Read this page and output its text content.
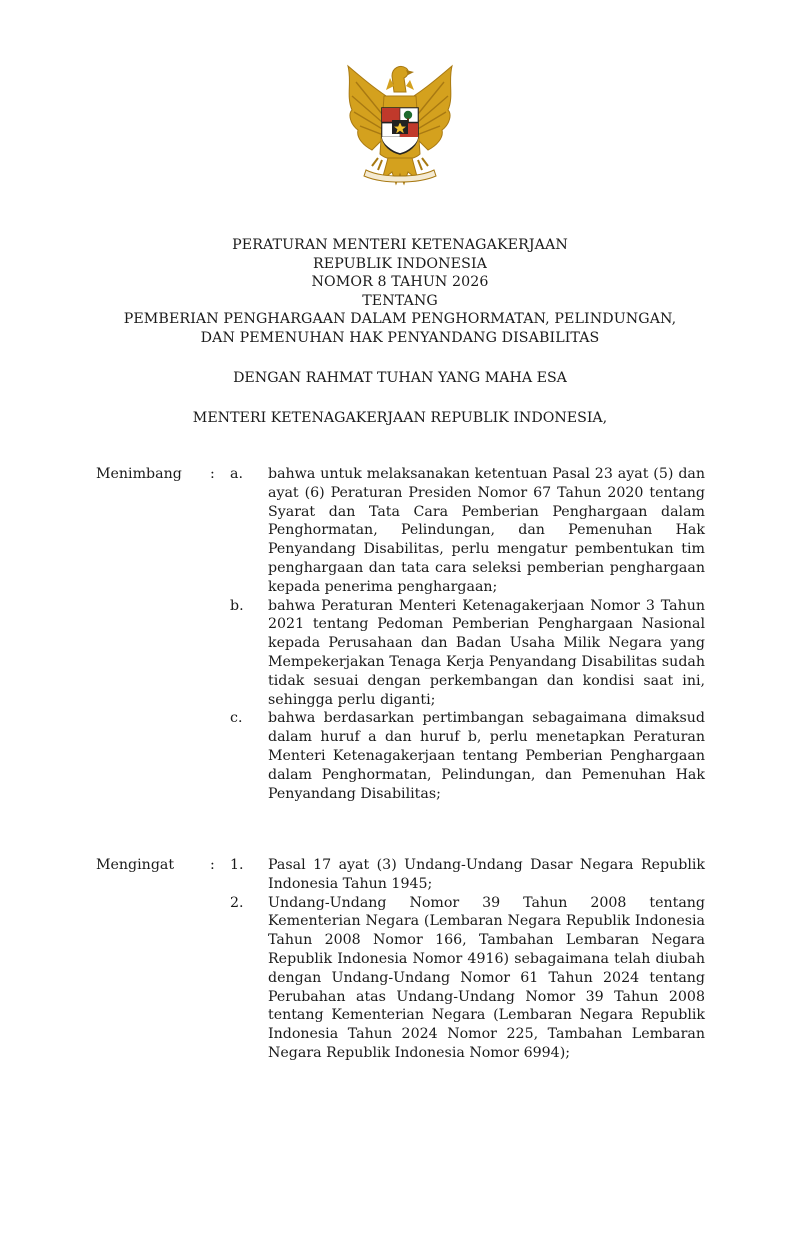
PERATURAN MENTERI KETENAGAKERJAAN
REPUBLIK INDONESIA
NOMOR 8 TAHUN 2026
TENTANG
PEMBERIAN PENGHARGAAN DALAM PENGHORMATAN, PELINDUNGAN,
DAN PEMENUHAN HAK PENYANDANG DISABILITAS
DENGAN RAHMAT TUHAN YANG MAHA ESA
MENTERI KETENAGAKERJAAN REPUBLIK INDONESIA,
Menimbang : a. bahwa untuk melaksanakan ketentuan Pasal 23 ayat (5) dan ayat (6) Peraturan Presiden Nomor 67 Tahun 2020 tentang Syarat dan Tata Cara Pemberian Penghargaan dalam Penghormatan, Pelindungan, dan Pemenuhan Hak Penyandang Disabilitas, perlu mengatur pembentukan tim penghargaan dan tata cara seleksi pemberian penghargaan kepada penerima penghargaan;
b. bahwa Peraturan Menteri Ketenagakerjaan Nomor 3 Tahun 2021 tentang Pedoman Pemberian Penghargaan Nasional kepada Perusahaan dan Badan Usaha Milik Negara yang Mempekerjakan Tenaga Kerja Penyandang Disabilitas sudah tidak sesuai dengan perkembangan dan kondisi saat ini, sehingga perlu diganti;
c. bahwa berdasarkan pertimbangan sebagaimana dimaksud dalam huruf a dan huruf b, perlu menetapkan Peraturan Menteri Ketenagakerjaan tentang Pemberian Penghargaan dalam Penghormatan, Pelindungan, dan Pemenuhan Hak Penyandang Disabilitas;
Mengingat	: 1. Pasal 17 ayat (3) Undang-Undang Dasar Negara Republik Indonesia Tahun 1945;
2. Undang-Undang Nomor 39 Tahun 2008 tentang Kementerian Negara (Lembaran Negara Republik Indonesia Tahun 2008 Nomor 166, Tambahan Lembaran Negara Republik Indonesia Nomor 4916) sebagaimana telah diubah dengan Undang-Undang Nomor 61 Tahun 2024 tentang Perubahan atas Undang-Undang Nomor 39 Tahun 2008 tentang Kementerian Negara (Lembaran Negara Republik Indonesia Tahun 2024 Nomor 225, Tambahan Lembaran Negara Republik Indonesia Nomor 6994);
